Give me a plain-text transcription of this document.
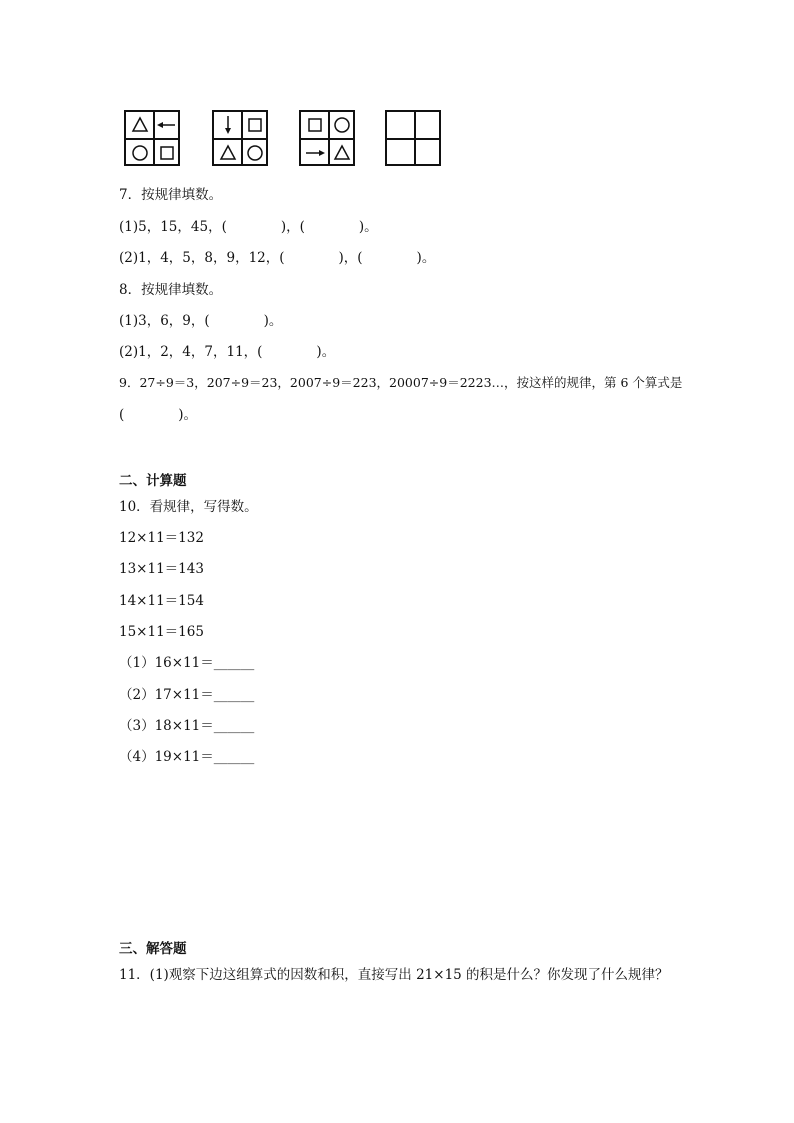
7．按规律填数。
(1)5，15，45，(　　　　)，(　　　　)。
(2)1，4，5，8，9，12，(　　　　)，(　　　　)。
8．按规律填数。
(1)3，6，9，(　　　　)。
(2)1，2，4，7，11，(　　　　)。
9．27÷9＝3，207÷9＝23，2007÷9＝223，20007÷9＝2223…，按这样的规律，第 6 个算式是
(　　　　)。
二、计算题
10．看规律，写得数。
12×11＝132
13×11＝143
14×11＝154
15×11＝165
（1）16×11＝______
（2）17×11＝______
（3）18×11＝______
（4）19×11＝______
三、解答题
11．(1)观察下边这组算式的因数和积，直接写出 21×15 的积是什么？你发现了什么规律？
